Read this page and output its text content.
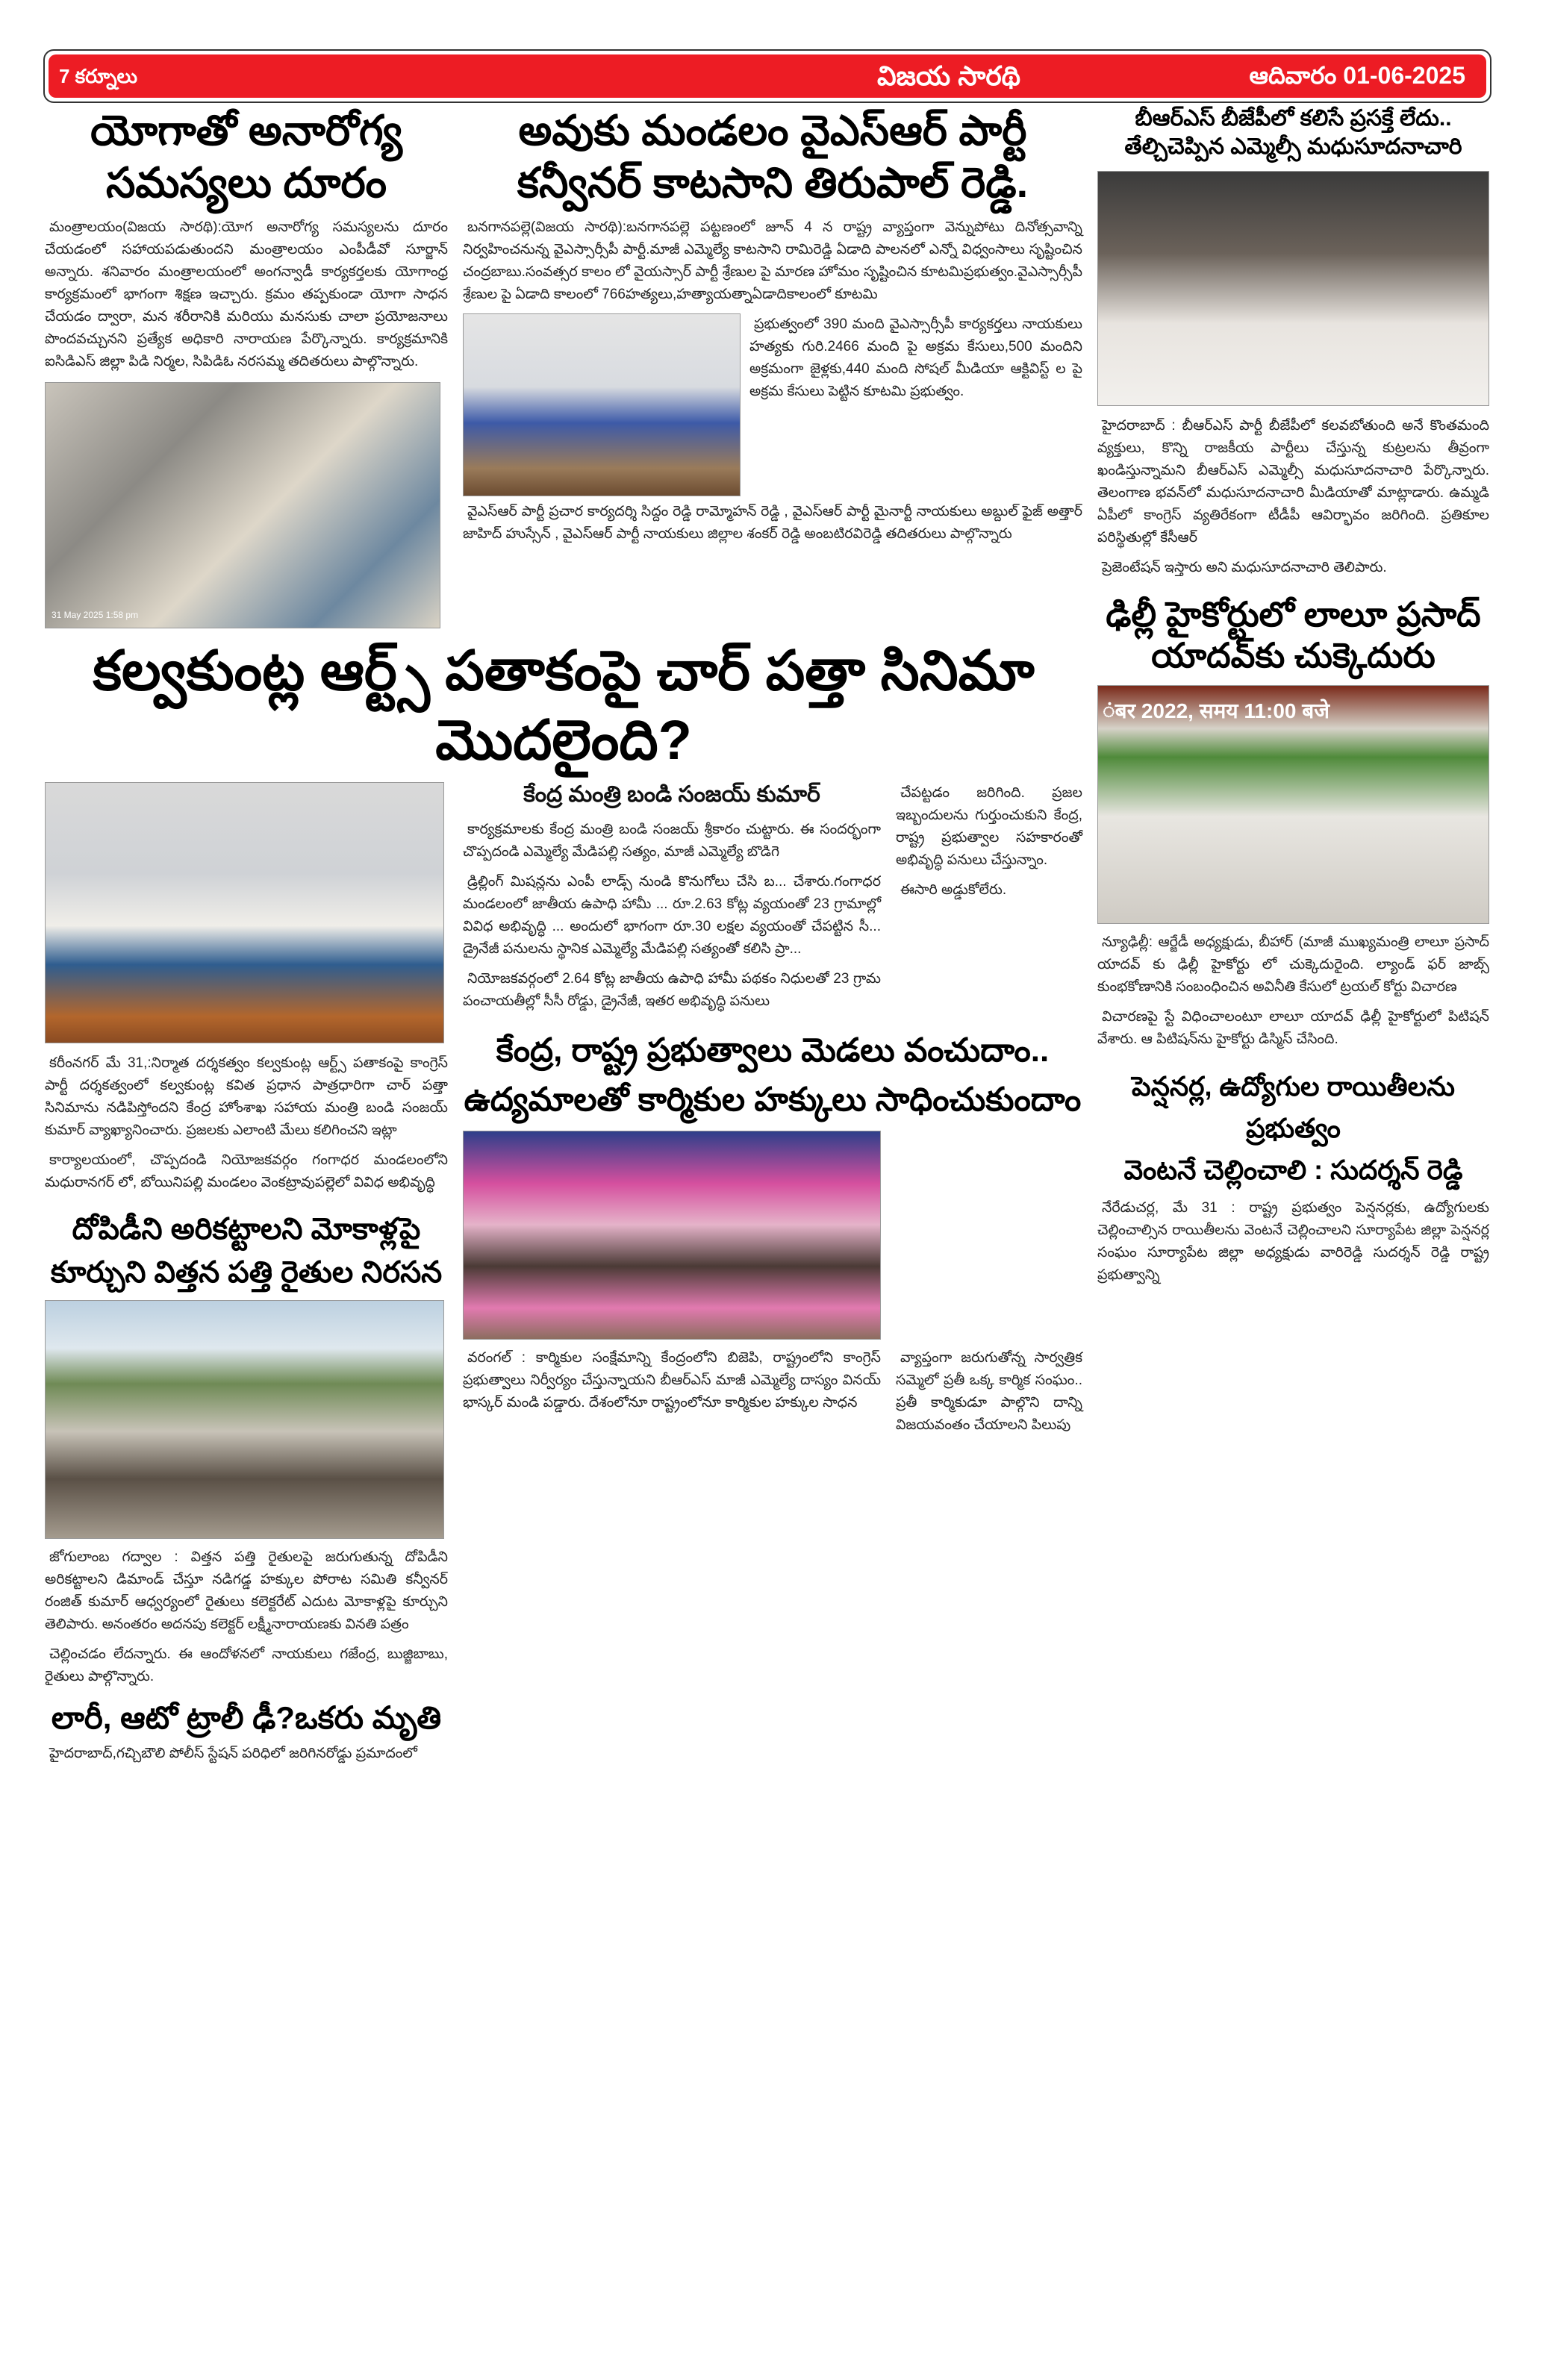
7 కర్నూలు	విజయ సారథి	ఆదివారం 01-06-2025
యోగాతో అనారోగ్య
సమస్యలు దూరం

మంత్రాలయం(విజయ సారథి):యోగ అనారోగ్య సమస్యలను దూరం చేయడంలో సహాయపడుతుందని మంత్రాలయం ఎంపీడీవో సూర్జాన్ అన్నారు. శనివారం మంత్రాలయంలో అంగన్వాడీ కార్యకర్తలకు యోగాంధ్ర కార్యక్రమంలో భాగంగా శిక్షణ ఇచ్చారు. క్రమం తప్పకుండా యోగా సాధన చేయడం ద్వారా, మన శరీరానికి మరియు మనసుకు చాలా ప్రయోజనాలు పొందవచ్చునని ప్రత్యేక అధికారి నారాయణ పేర్కొన్నారు. కార్యక్రమానికి ఐసిడిఎస్ జిల్లా పిడి నిర్మల, సిపిడిఓ నరసమ్మ తదితరులు పాల్గొన్నారు.

31 May 2025 1:58 pm
అవుకు మండలం వైఎస్ఆర్ పార్టీ
కన్వీనర్ కాటసాని తిరుపాల్ రెడ్డి.

బనగానపల్లె(విజయ సారథి):బనగానపల్లె పట్టణంలో జూన్ 4 న రాష్ట్ర వ్యాప్తంగా వెన్నుపోటు దినోత్సవాన్ని నిర్వహించనున్న వైఎస్సార్సీపీ పార్టీ.మాజీ ఎమ్మెల్యే కాటసాని రామిరెడ్డి ఏడాది పాలనలో ఎన్నో విధ్వంసాలు సృష్టించిన చంద్రబాబు.సంవత్సర కాలం లో వైయస్సార్ పార్టీ శ్రేణుల పై మారణ హోమం సృష్టించిన కూటమిప్రభుత్వం.వైఎస్సార్సీపీ శ్రేణుల పై ఏడాది కాలంలో 766హత్యలు,హత్యాయత్నాఏడాదికాలంలో కూటమి

ప్రభుత్వంలో 390 మంది వైఎస్సార్సీపీ కార్యకర్తలు నాయకులు హత్యకు గురి.2466 మంది పై అక్రమ కేసులు,500 మందిని అక్రమంగా జైళ్లకు,440 మంది సోషల్ మీడియా ఆక్టివిస్ట్ ల పై అక్రమ కేసులు పెట్టిన కూటమి ప్రభుత్వం.

వైఎస్ఆర్ పార్టీ ప్రచార కార్యదర్శి సిద్దం రెడ్డి రామ్మోహన్ రెడ్డి , వైఎస్ఆర్ పార్టీ మైనార్టీ నాయకులు అబ్దుల్ ఫైజ్ అత్తార్ జాహిద్ హుస్సేన్ , వైఎస్ఆర్ పార్టీ నాయకులు జిల్లాల శంకర్ రెడ్డి అంబటిరవిరెడ్డి తదితరులు పాల్గొన్నారు

కల్వకుంట్ల ఆర్ట్స్ పతాకంపై చార్ పత్తా సినిమా మొదలైంది?

కరీంనగర్ మే 31,:నిర్మాత దర్శకత్వం కల్వకుంట్ల ఆర్ట్స్ పతాకంపై కాంగ్రెస్ పార్టీ దర్శకత్వంలో కల్వకుంట్ల కవిత ప్రధాన పాత్రధారిగా చార్ పత్తా సినిమాను నడిపిస్తోందని కేంద్ర హోంశాఖ సహాయ మంత్రి బండి సంజయ్ కుమార్ వ్యాఖ్యానించారు. ప్రజలకు ఎలాంటి మేలు కలిగించని ఇట్లా

కార్యాలయంలో, చొప్పదండి నియోజకవర్గం గంగాధర మండలంలోని మధురానగర్ లో, బోయినిపల్లి మండలం వెంకట్రావుపల్లెలో వివిధ అభివృద్ధి

దోపిడీని అరికట్టాలని మోకాళ్లపై
కూర్చుని విత్తన పత్తి రైతుల నిరసన

జోగులాంబ గద్వాల : విత్తన పత్తి రైతులపై జరుగుతున్న దోపిడీని అరికట్టాలని డిమాండ్ చేస్తూ నడిగడ్డ హక్కుల పోరాట సమితి కన్వీనర్ రంజిత్ కుమార్ ఆధ్వర్యంలో రైతులు కలెక్టరేట్ ఎదుట మోకాళ్లపై కూర్చుని తెలిపారు. అనంతరం అదనపు కలెక్టర్ లక్ష్మీనారాయణకు వినతి పత్రం

చెల్లించడం లేదన్నారు. ఈ ఆందోళనలో నాయకులు గజేంద్ర, బుజ్జిబాబు, రైతులు పాల్గొన్నారు.

లారీ, ఆటో ట్రాలీ ఢీ?ఒకరు మృతి

హైదరాబాద్,గచ్చిబౌలి పోలీస్ స్టేషన్ పరిధిలో జరిగినరోడ్డు ప్రమాదంలో

కేంద్ర మంత్రి బండి సంజయ్ కుమార్

కార్యక్రమాలకు కేంద్ర మంత్రి బండి సంజయ్ శ్రీకారం చుట్టారు. ఈ సందర్భంగా చొప్పదండి ఎమ్మెల్యే మేడిపల్లి సత్యం, మాజీ ఎమ్మెల్యే బొడిగె

డ్రిల్లింగ్ మిషన్లను ఎంపీ లాడ్స్ నుండి కొనుగోలు చేసి బ... చేశారు.గంగాధర మండలంలో జాతీయ ఉపాధి హామీ ... రూ.2.63 కోట్ల వ్యయంతో 23 గ్రామాల్లో వివిధ అభివృద్ధి ... అందులో భాగంగా రూ.30 లక్షల వ్యయంతో చేపట్టిన సీ... డ్రైనేజీ పనులను స్థానిక ఎమ్మెల్యే మేడిపల్లి సత్యంతో కలిసి ప్రా...

నియోజకవర్గంలో 2.64 కోట్ల జాతీయ ఉపాధి హామీ పథకం నిధులతో 23 గ్రామ పంచాయతీల్లో సీసీ రోడ్డు, డ్రైనేజీ, ఇతర అభివృద్ధి పనులు

చేపట్టడం జరిగింది. ప్రజల ఇబ్బందులను గుర్తుంచుకుని కేంద్ర, రాష్ట్ర ప్రభుత్వాల సహకారంతో అభివృద్ధి పనులు చేస్తున్నాం.

ఈసారి అడ్డుకోలేరు.

కేంద్ర, రాష్ట్ర ప్రభుత్వాలు మెడలు వంచుదాం..
ఉద్యమాలతో కార్మికుల హక్కులు సాధించుకుందాం

వరంగల్ : కార్మికుల సంక్షేమాన్ని కేంద్రంలోని బిజెపి, రాష్ట్రంలోని కాంగ్రెస్ ప్రభుత్వాలు నిర్వీర్యం చేస్తున్నాయని బీఆర్ఎస్ మాజీ ఎమ్మెల్యే దాస్యం వినయ్ భాస్కర్ మండి పడ్డారు. దేశంలోనూ రాష్ట్రంలోనూ కార్మికుల హక్కుల సాధన

వ్యాప్తంగా జరుగుతోన్న సార్వత్రిక సమ్మెలో ప్రతీ ఒక్క కార్మిక సంఘం.. ప్రతీ కార్మికుడూ పాల్గొని దాన్ని విజయవంతం చేయాలని పిలుపు

బీఆర్ఎస్ బీజేపీలో కలిసే ప్రసక్తే లేదు..
తేల్చిచెప్పిన ఎమ్మెల్సీ మధుసూదనాచారి

హైదరాబాద్ : బీఆర్ఎస్ పార్టీ బీజేపీలో కలవబోతుంది అనే కొంతమంది వ్యక్తులు, కొన్ని రాజకీయ పార్టీలు చేస్తున్న కుట్రలను తీవ్రంగా ఖండిస్తున్నామని బీఆర్ఎస్ ఎమ్మెల్సీ మధుసూదనాచారి పేర్కొన్నారు. తెలంగాణ భవన్‌లో మధుసూదనాచారి మీడియాతో మాట్లాడారు. ఉమ్మడి ఏపీలో కాంగ్రెస్ వ్యతిరేకంగా టీడీపీ ఆవిర్భావం జరిగింది. ప్రతికూల పరిస్థితుల్లో కేసీఆర్

ప్రెజెంటేషన్ ఇస్తారు అని మధుసూదనాచారి తెలిపారు.

ఢిల్లీ హైకోర్టులో లాలూ ప్రసాద్
యాదవ్‌కు చుక్కెదురు
ंबर 2022, समय 11:00 बजे

న్యూఢిల్లీ: ఆర్జేడీ అధ్యక్షుడు, బీహార్ (మాజీ ముఖ్యమంత్రి లాలూ ప్రసాద్ యాదవ్ కు ఢిల్లీ హైకోర్టు లో చుక్కెదురైంది. ల్యాండ్ ఫర్ జాబ్స్ కుంభకోణానికి సంబంధించిన అవినీతి కేసులో ట్రయల్ కోర్టు విచారణ

విచారణపై స్టే విధించాలంటూ లాలూ యాదవ్ ఢిల్లీ హైకోర్టులో పిటిషన్ వేశారు. ఆ పిటిషన్‌ను హైకోర్టు డిస్మిస్ చేసింది.

పెన్షనర్ల, ఉద్యోగుల రాయితీలను ప్రభుత్వం
వెంటనే చెల్లించాలి : సుదర్శన్ రెడ్డి

నేరేడుచర్ల, మే 31 : రాష్ట్ర ప్రభుత్వం పెన్షనర్లకు, ఉద్యోగులకు చెల్లించాల్సిన రాయితీలను వెంటనే చెల్లించాలని సూర్యాపేట జిల్లా పెన్షనర్ల సంఘం సూర్యాపేట జిల్లా అధ్యక్షుడు వారిరెడ్డి సుదర్శన్ రెడ్డి రాష్ట్ర ప్రభుత్వాన్ని
